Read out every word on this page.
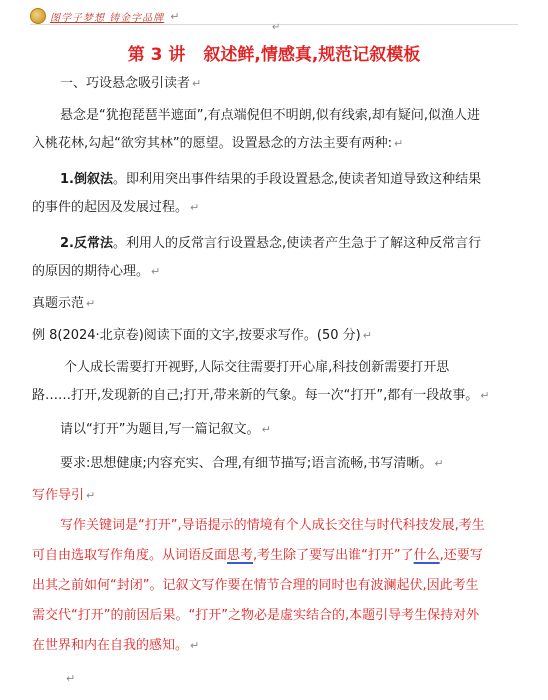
图学子梦想 铸金字品牌 ↵
↵
第 3 讲 叙述鲜,情感真,规范记叙模板
一、巧设悬念吸引读者 ↵
悬念是“犹抱琵琶半遮面”,有点端倪但不明朗,似有线索,却有疑问,似渔人进
入桃花林,勾起“欲穷其林”的愿望。设置悬念的方法主要有两种: ↵
1.倒叙法。即利用突出事件结果的手段设置悬念,使读者知道导致这种结果
的事件的起因及发展过程。 ↵
2.反常法。利用人的反常言行设置悬念,使读者产生急于了解这种反常言行
的原因的期待心理。 ↵
真题示范 ↵
例 8(2024·北京卷)阅读下面的文字,按要求写作。(50 分) ↵
个人成长需要打开视野,人际交往需要打开心扉,科技创新需要打开思
路……打开,发现新的自己;打开,带来新的气象。每一次“打开”,都有一段故事。 ↵
请以“打开”为题目,写一篇记叙文。 ↵
要求:思想健康;内容充实、合理,有细节描写;语言流畅,书写清晰。 ↵
写作导引 ↵
写作关键词是“打开”,导语提示的情境有个人成长交往与时代科技发展,考生
可自由选取写作角度。从词语反面思考,考生除了要写出谁“打开”了什么,还要写
出其之前如何“封闭”。记叙文写作要在情节合理的同时也有波澜起伏,因此考生
需交代“打开”的前因后果。“打开”之物必是虚实结合的,本题引导考生保持对外
在世界和内在自我的感知。 ↵
↵
